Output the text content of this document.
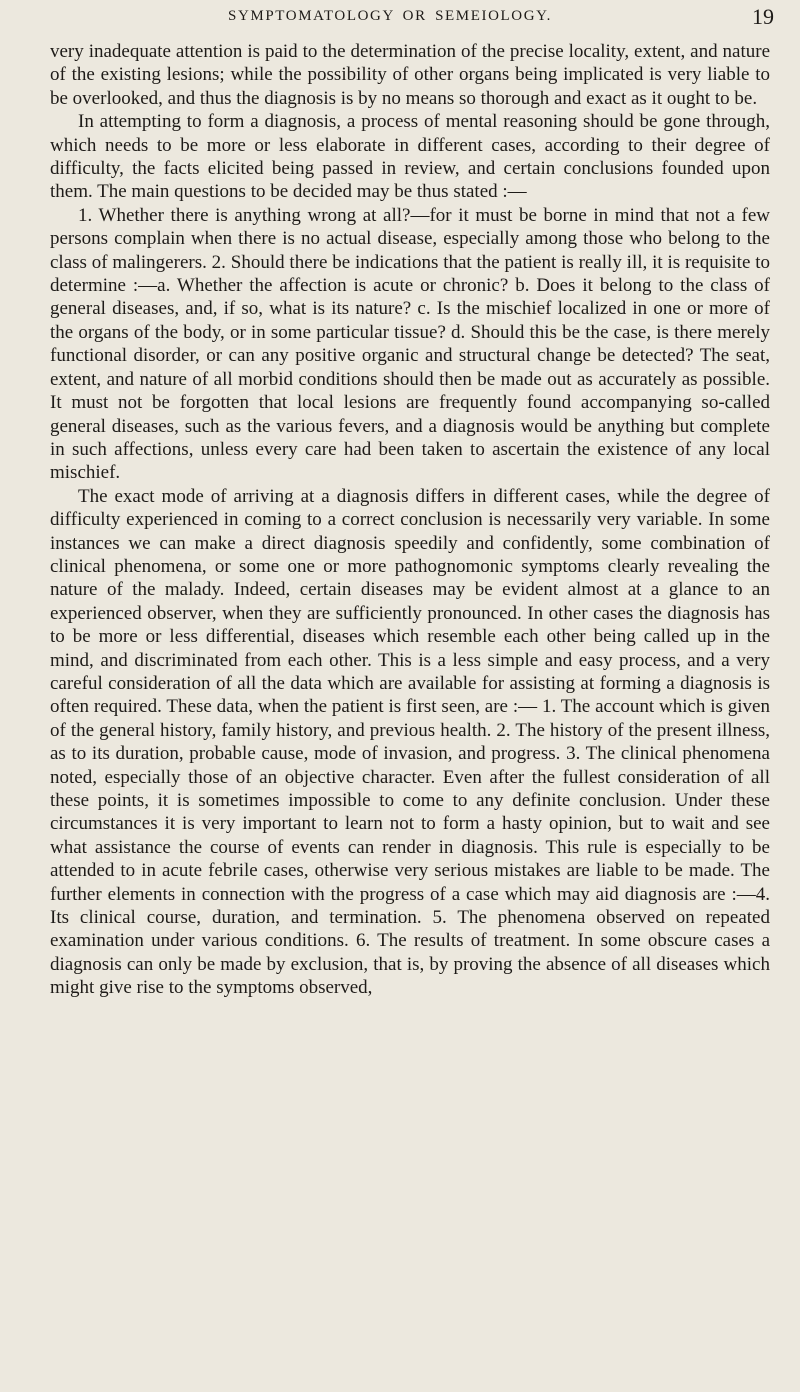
SYMPTOMATOLOGY OR SEMEIOLOGY.	19

very inadequate attention is paid to the determination of the precise locality, extent, and nature of the existing lesions; while the possibility of other organs being implicated is very liable to be overlooked, and thus the diagnosis is by no means so thorough and exact as it ought to be.

In attempting to form a diagnosis, a process of mental reasoning should be gone through, which needs to be more or less elaborate in different cases, according to their degree of difficulty, the facts elicited being passed in review, and certain conclusions founded upon them. The main questions to be decided may be thus stated :—

1. Whether there is anything wrong at all?—for it must be borne in mind that not a few persons complain when there is no actual disease, especially among those who belong to the class of malingerers. 2. Should there be indications that the patient is really ill, it is requisite to determine :—a. Whether the affection is acute or chronic? b. Does it belong to the class of general diseases, and, if so, what is its nature? c. Is the mischief localized in one or more of the organs of the body, or in some particular tissue? d. Should this be the case, is there merely functional disorder, or can any positive organic and structural change be detected? The seat, extent, and nature of all morbid conditions should then be made out as accurately as possible. It must not be forgotten that local lesions are frequently found accompanying so-called general diseases, such as the various fevers, and a diagnosis would be anything but complete in such affections, unless every care had been taken to ascertain the existence of any local mischief.

The exact mode of arriving at a diagnosis differs in different cases, while the degree of difficulty experienced in coming to a correct conclusion is necessarily very variable. In some instances we can make a direct diagnosis speedily and confidently, some combination of clinical phenomena, or some one or more pathognomonic symptoms clearly revealing the nature of the malady. Indeed, certain diseases may be evident almost at a glance to an experienced observer, when they are sufficiently pronounced. In other cases the diagnosis has to be more or less differential, diseases which resemble each other being called up in the mind, and discriminated from each other. This is a less simple and easy process, and a very careful consideration of all the data which are available for assisting at forming a diagnosis is often required. These data, when the patient is first seen, are :— 1. The account which is given of the general history, family history, and previous health. 2. The history of the present illness, as to its duration, probable cause, mode of invasion, and progress. 3. The clinical phenomena noted, especially those of an objective character. Even after the fullest consideration of all these points, it is sometimes impossible to come to any definite conclusion. Under these circumstances it is very important to learn not to form a hasty opinion, but to wait and see what assistance the course of events can render in diagnosis. This rule is especially to be attended to in acute febrile cases, otherwise very serious mistakes are liable to be made. The further elements in connection with the progress of a case which may aid diagnosis are :—4. Its clinical course, duration, and termination. 5. The phenomena observed on repeated examination under various conditions. 6. The results of treatment. In some obscure cases a diagnosis can only be made by exclusion, that is, by proving the absence of all diseases which might give rise to the symptoms observed,
